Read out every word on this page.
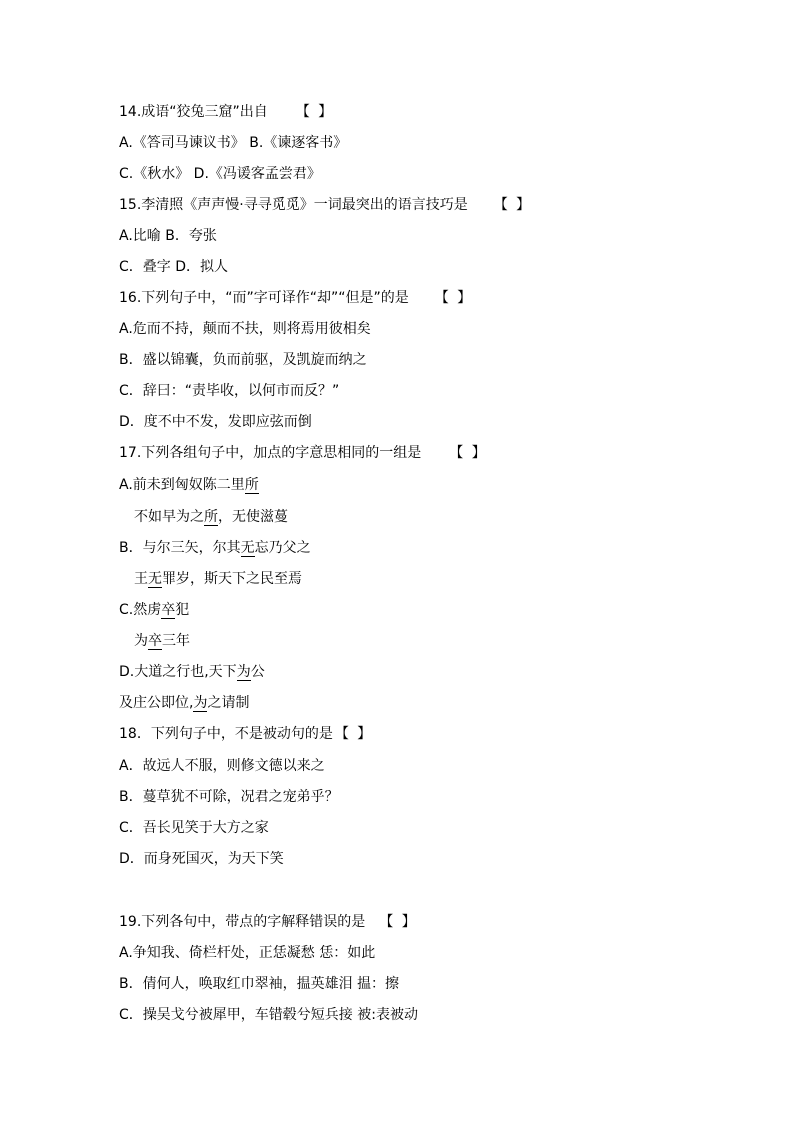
14.成语“狡兔三窟”出自 【 】
A.《答司马谏议书》 B.《谏逐客书》
C.《秋水》 D.《冯谖客孟尝君》
15.李清照《声声慢·寻寻觅觅》一词最突出的语言技巧是 【 】
A.比喻 B．夸张
C．叠字 D．拟人
16.下列句子中，“而”字可译作“却”“但是”的是 【 】
A.危而不持，颠而不扶，则将焉用彼相矣
B．盛以锦囊，负而前驱，及凯旋而纳之
C．辞曰：“责毕收，以何市而反？”
D．度不中不发，发即应弦而倒
17.下列各组句子中，加点的字意思相同的一组是 【 】
A.前未到匈奴陈二里所
不如早为之所，无使滋蔓
B．与尔三矢，尔其无忘乃父之
王无罪岁，斯天下之民至焉
C.然虏卒犯
为卒三年
D.大道之行也,天下为公
及庄公即位,为之请制
18．下列句子中，不是被动句的是 【 】
A．故远人不服，则修文德以来之
B．蔓草犹不可除，况君之宠弟乎？
C．吾长见笑于大方之家
D．而身死国灭，为天下笑
19.下列各句中，带点的字解释错误的是 【 】
A.争知我、倚栏杆处，正恁凝愁 恁：如此
B．倩何人，唤取红巾翠袖，揾英雄泪 揾：擦
C．操吴戈兮被犀甲，车错毂兮短兵接 被:表被动
